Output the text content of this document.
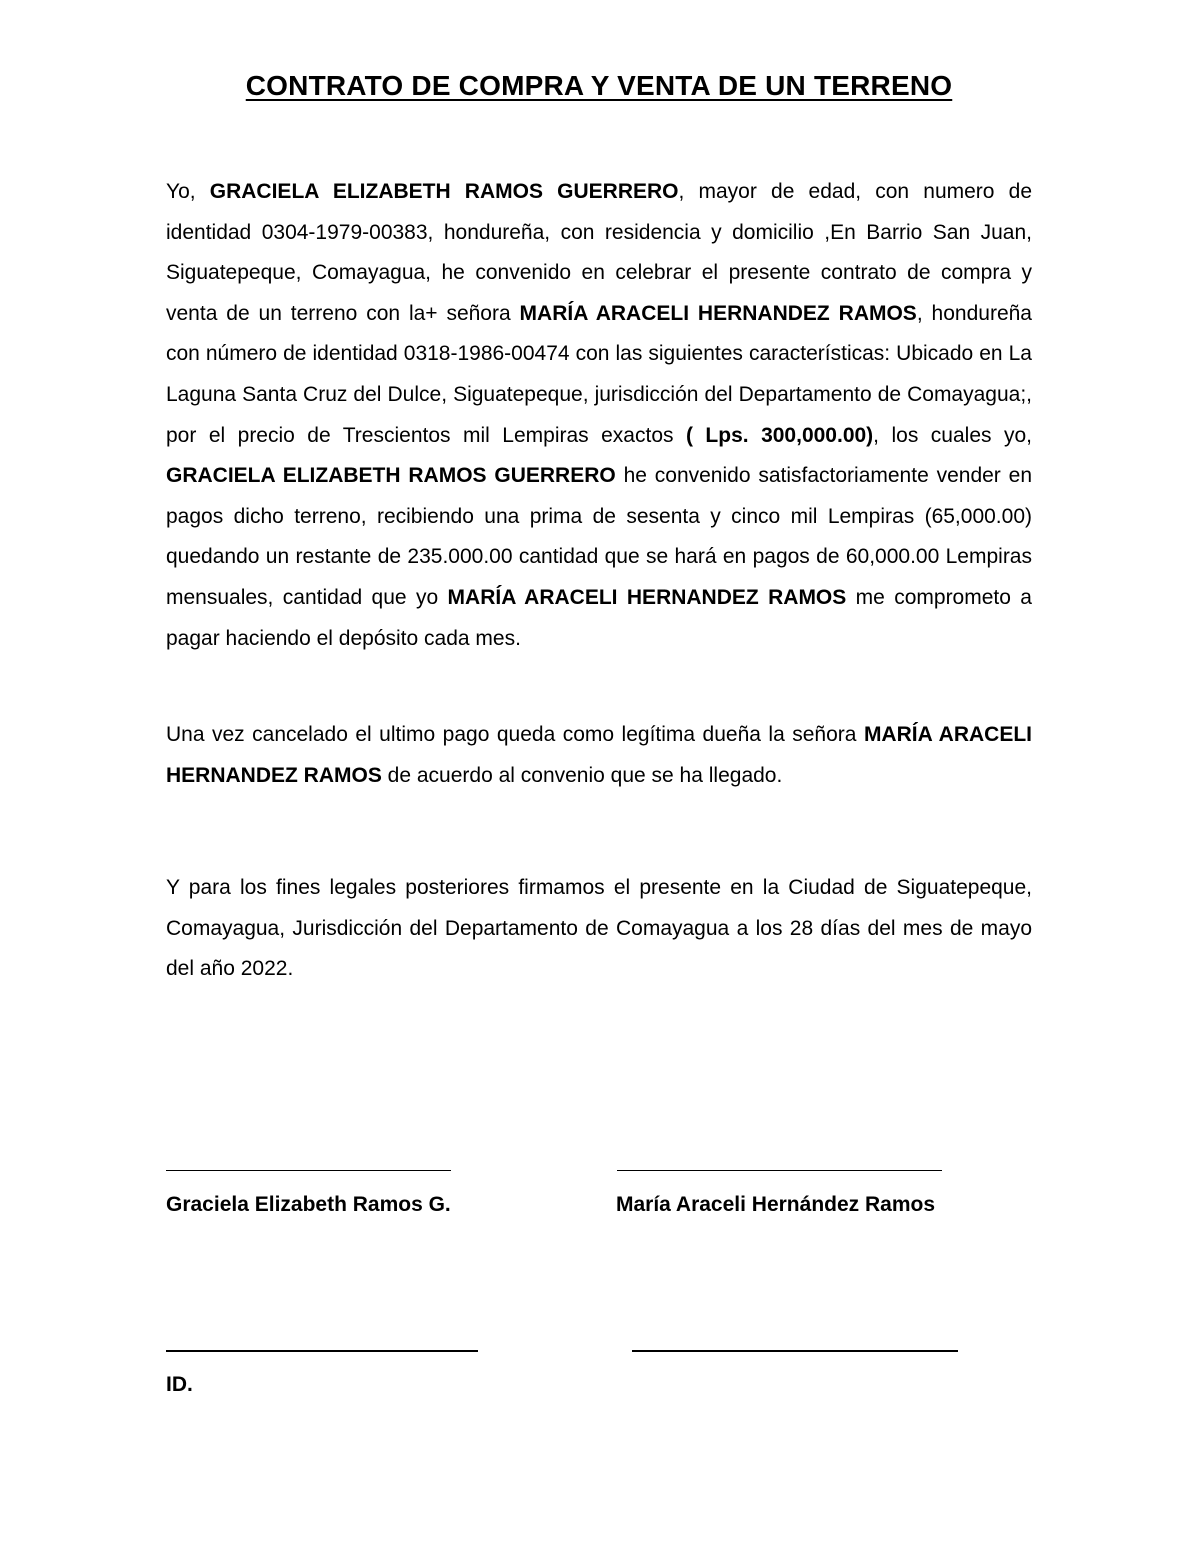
CONTRATO DE COMPRA Y VENTA DE UN TERRENO

Yo, GRACIELA ELIZABETH RAMOS GUERRERO, mayor de edad, con numero de identidad 0304-1979-00383, hondureña, con residencia y domicilio ,En Barrio San Juan, Siguatepeque, Comayagua, he convenido en celebrar el presente contrato de compra y venta de un terreno con la+ señora MARÍA ARACELI HERNANDEZ RAMOS, hondureña con número de identidad 0318-1986-00474 con las siguientes características: Ubicado en La Laguna Santa Cruz del Dulce, Siguatepeque, jurisdicción del Departamento de Comayagua;, por el precio de Trescientos mil Lempiras exactos ( Lps. 300,000.00), los cuales yo, GRACIELA ELIZABETH RAMOS GUERRERO he convenido satisfactoriamente vender en pagos dicho terreno, recibiendo una prima de sesenta y cinco mil Lempiras (65,000.00) quedando un restante de 235.000.00 cantidad que se hará en pagos de 60,000.00 Lempiras mensuales, cantidad que yo MARÍA ARACELI HERNANDEZ RAMOS me comprometo a pagar haciendo el depósito cada mes.

Una vez cancelado el ultimo pago queda como legítima dueña la señora MARÍA ARACELI HERNANDEZ RAMOS de acuerdo al convenio que se ha llegado.

Y para los fines legales posteriores firmamos el presente en la Ciudad de Siguatepeque, Comayagua, Jurisdicción del Departamento de Comayagua a los 28 días del mes de mayo del año 2022.

Graciela Elizabeth Ramos G.	María Araceli Hernández Ramos
ID.
